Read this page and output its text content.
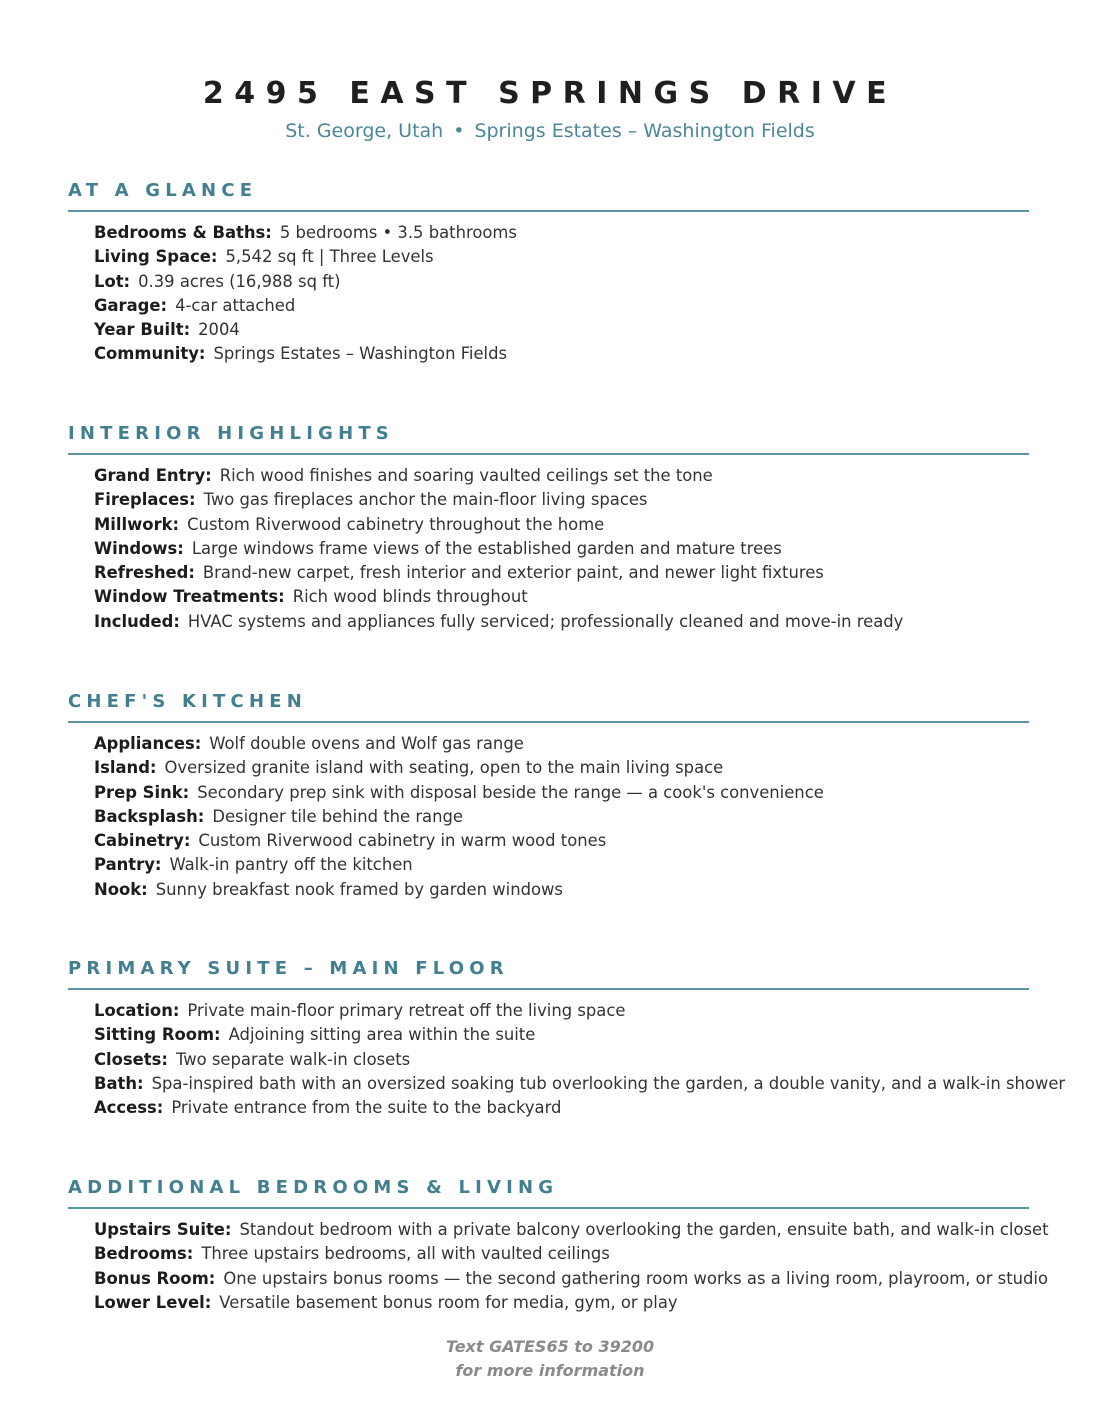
2495 EAST SPRINGS DRIVE
St. George, Utah • Springs Estates – Washington Fields
AT A GLANCE
Bedrooms & Baths: 5 bedrooms • 3.5 bathrooms
Living Space: 5,542 sq ft | Three Levels
Lot: 0.39 acres (16,988 sq ft)
Garage: 4-car attached
Year Built: 2004
Community: Springs Estates – Washington Fields
INTERIOR HIGHLIGHTS
Grand Entry: Rich wood finishes and soaring vaulted ceilings set the tone
Fireplaces: Two gas fireplaces anchor the main-floor living spaces
Millwork: Custom Riverwood cabinetry throughout the home
Windows: Large windows frame views of the established garden and mature trees
Refreshed: Brand-new carpet, fresh interior and exterior paint, and newer light fixtures
Window Treatments: Rich wood blinds throughout
Included: HVAC systems and appliances fully serviced; professionally cleaned and move-in ready
CHEF'S KITCHEN
Appliances: Wolf double ovens and Wolf gas range
Island: Oversized granite island with seating, open to the main living space
Prep Sink: Secondary prep sink with disposal beside the range — a cook's convenience
Backsplash: Designer tile behind the range
Cabinetry: Custom Riverwood cabinetry in warm wood tones
Pantry: Walk-in pantry off the kitchen
Nook: Sunny breakfast nook framed by garden windows
PRIMARY SUITE – MAIN FLOOR
Location: Private main-floor primary retreat off the living space
Sitting Room: Adjoining sitting area within the suite
Closets: Two separate walk-in closets
Bath: Spa-inspired bath with an oversized soaking tub overlooking the garden, a double vanity, and a walk-in shower
Access: Private entrance from the suite to the backyard
ADDITIONAL BEDROOMS & LIVING
Upstairs Suite: Standout bedroom with a private balcony overlooking the garden, ensuite bath, and walk-in closet
Bedrooms: Three upstairs bedrooms, all with vaulted ceilings
Bonus Room: One upstairs bonus rooms — the second gathering room works as a living room, playroom, or studio
Lower Level: Versatile basement bonus room for media, gym, or play
Text GATES65 to 39200
for more information
